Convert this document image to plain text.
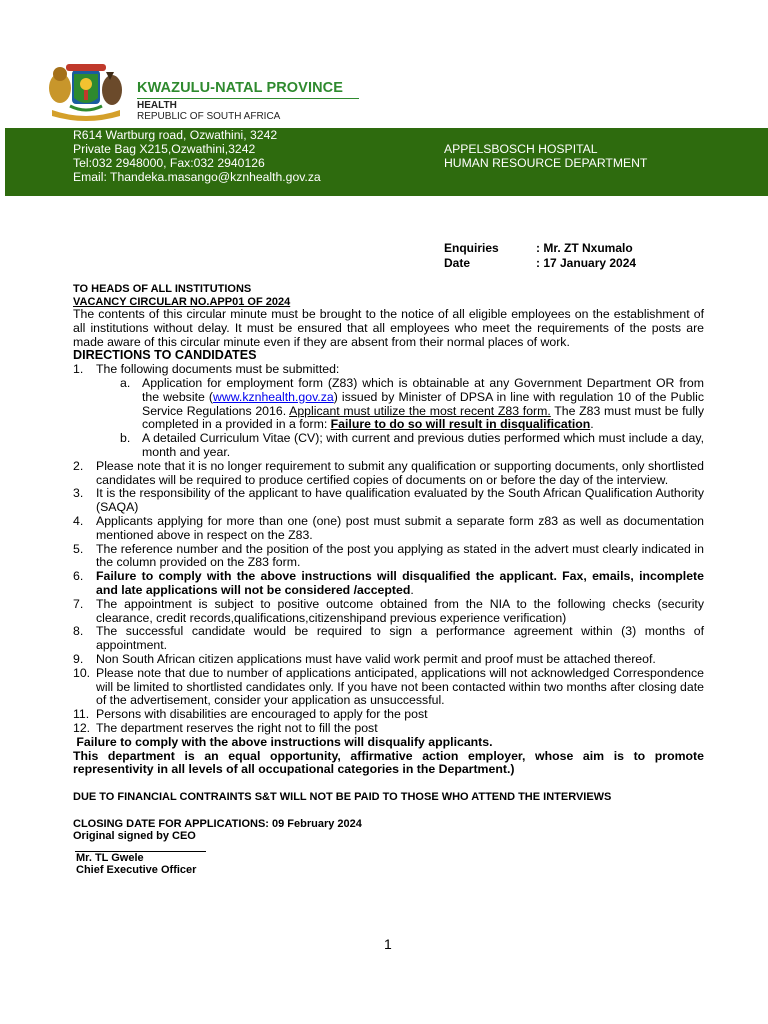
KWAZULU-NATAL PROVINCE
HEALTH
REPUBLIC OF SOUTH AFRICA
R614 Wartburg road, Ozwathini, 3242
Private Bag X215,Ozwathini,3242
Tel:032 2948000, Fax:032 2940126
Email: Thandeka.masango@kznhealth.gov.za
APPELSBOSCH HOSPITAL
HUMAN RESOURCE DEPARTMENT
Enquiries	: Mr. ZT Nxumalo
Date	: 17 January 2024
TO HEADS OF ALL INSTITUTIONS
VACANCY CIRCULAR NO.APP01 OF 2024
The contents of this circular minute must be brought to the notice of all eligible employees on the establishment of all institutions without delay. It must be ensured that all employees who meet the requirements of the posts are made aware of this circular minute even if they are absent from their normal places of work.
DIRECTIONS TO CANDIDATES
1. The following documents must be submitted:
a. Application for employment form (Z83) which is obtainable at any Government Department OR from the website (www.kznhealth.gov.za) issued by Minister of DPSA in line with regulation 10 of the Public Service Regulations 2016. Applicant must utilize the most recent Z83 form. The Z83 must must be fully completed in a provided in a form: Failure to do so will result in disqualification.
b. A detailed Curriculum Vitae (CV); with current and previous duties performed which must include a day, month and year.
2. Please note that it is no longer requirement to submit any qualification or supporting documents, only shortlisted candidates will be required to produce certified copies of documents on or before the day of the interview.
3. It is the responsibility of the applicant to have qualification evaluated by the South African Qualification Authority (SAQA)
4. Applicants applying for more than one (one) post must submit a separate form z83 as well as documentation mentioned above in respect on the Z83.
5. The reference number and the position of the post you applying as stated in the advert must clearly indicated in the column provided on the Z83 form.
6. Failure to comply with the above instructions will disqualified the applicant. Fax, emails, incomplete and late applications will not be considered /accepted.
7. The appointment is subject to positive outcome obtained from the NIA to the following checks (security clearance, credit records,qualifications,citizenshipand previous experience verification)
8. The successful candidate would be required to sign a performance agreement within (3) months of appointment.
9. Non South African citizen applications must have valid work permit and proof must be attached thereof.
10. Please note that due to number of applications anticipated, applications will not acknowledged Correspondence will be limited to shortlisted candidates only. If you have not been contacted within two months after closing date of the advertisement, consider your application as unsuccessful.
11. Persons with disabilities are encouraged to apply for the post
12. The department reserves the right not to fill the post
Failure to comply with the above instructions will disqualify applicants.
This department is an equal opportunity, affirmative action employer, whose aim is to promote representivity in all levels of all occupational categories in the Department.)
DUE TO FINANCIAL CONTRAINTS S&T WILL NOT BE PAID TO THOSE WHO ATTEND THE INTERVIEWS
CLOSING DATE FOR APPLICATIONS: 09 February 2024
Original signed by CEO
Mr. TL Gwele
Chief Executive Officer
1
